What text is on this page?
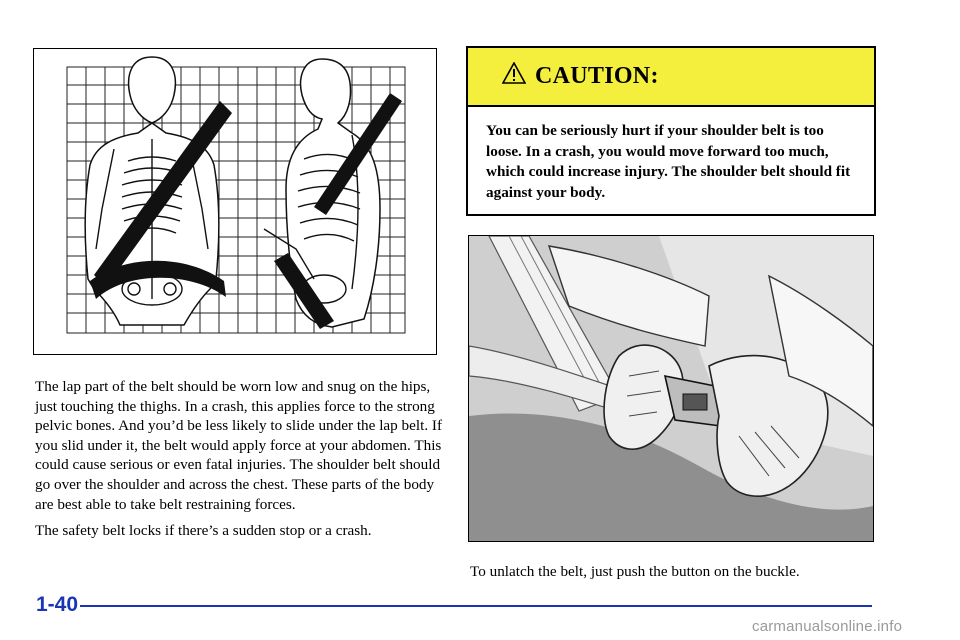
The lap part of the belt should be worn low and snug on the hips, just touching the thighs. In a crash, this applies force to the strong pelvic bones. And you’d be less likely to slide under the lap belt. If you slid under it, the belt would apply force at your abdomen. This could cause serious or even fatal injuries. The shoulder belt should go over the shoulder and across the chest. These parts of the body are best able to take belt restraining forces.

The safety belt locks if there’s a sudden stop or a crash.

CAUTION:
You can be seriously hurt if your shoulder belt is too loose. In a crash, you would move forward too much, which could increase injury. The shoulder belt should fit against your body.
To unlatch the belt, just push the button on the buckle.
1-40
carmanualsonline.info
